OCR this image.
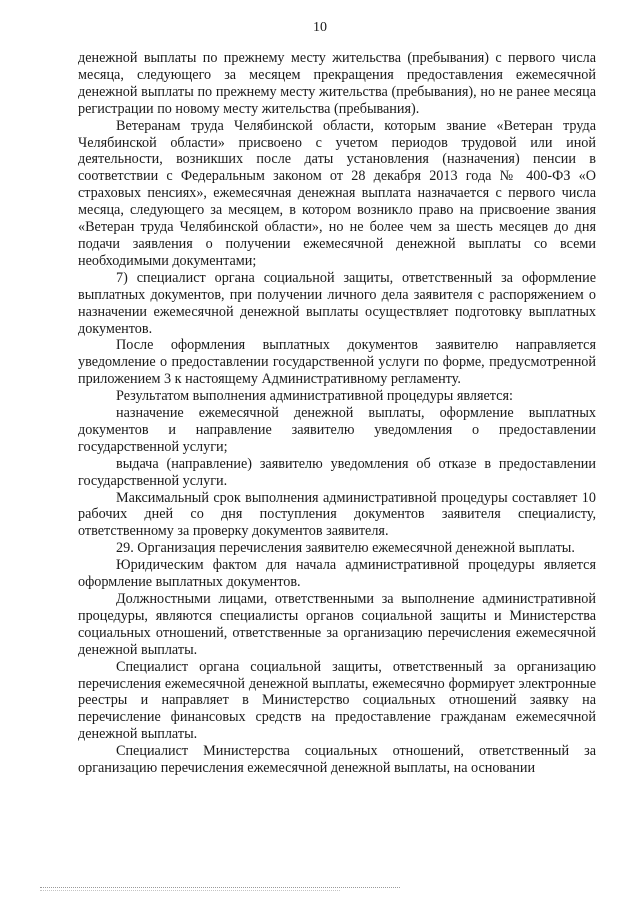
10

денежной выплаты по прежнему месту жительства (пребывания) с первого числа месяца, следующего за месяцем прекращения предоставления ежемесячной денежной выплаты по прежнему месту жительства (пребывания), но не ранее месяца регистрации по новому месту жительства (пребывания).

Ветеранам труда Челябинской области, которым звание «Ветеран труда Челябинской области» присвоено с учетом периодов трудовой или иной деятельности, возникших после даты установления (назначения) пенсии в соответствии с Федеральным законом от 28 декабря 2013 года № 400-ФЗ «О страховых пенсиях», ежемесячная денежная выплата назначается с первого числа месяца, следующего за месяцем, в котором возникло право на присвоение звания «Ветеран труда Челябинской области», но не более чем за шесть месяцев до дня подачи заявления о получении ежемесячной денежной выплаты со всеми необходимыми документами;

7) специалист органа социальной защиты, ответственный за оформление выплатных документов, при получении личного дела заявителя с распоряжением о назначении ежемесячной денежной выплаты осуществляет подготовку выплатных документов.

После оформления выплатных документов заявителю направляется уведомление о предоставлении государственной услуги по форме, предусмотренной приложением 3 к настоящему Административному регламенту.

Результатом выполнения административной процедуры является:

назначение ежемесячной денежной выплаты, оформление выплатных документов и направление заявителю уведомления о предоставлении государственной услуги;

выдача (направление) заявителю уведомления об отказе в предоставлении государственной услуги.

Максимальный срок выполнения административной процедуры составляет 10 рабочих дней со дня поступления документов заявителя специалисту, ответственному за проверку документов заявителя.

29. Организация перечисления заявителю ежемесячной денежной выплаты.

Юридическим фактом для начала административной процедуры является оформление выплатных документов.

Должностными лицами, ответственными за выполнение административной процедуры, являются специалисты органов социальной защиты и Министерства социальных отношений, ответственные за организацию перечисления ежемесячной денежной выплаты.

Специалист органа социальной защиты, ответственный за организацию перечисления ежемесячной денежной выплаты, ежемесячно формирует электронные реестры и направляет в Министерство социальных отношений заявку на перечисление финансовых средств на предоставление гражданам ежемесячной денежной выплаты.

Специалист Министерства социальных отношений, ответственный за организацию перечисления ежемесячной денежной выплаты, на основании
